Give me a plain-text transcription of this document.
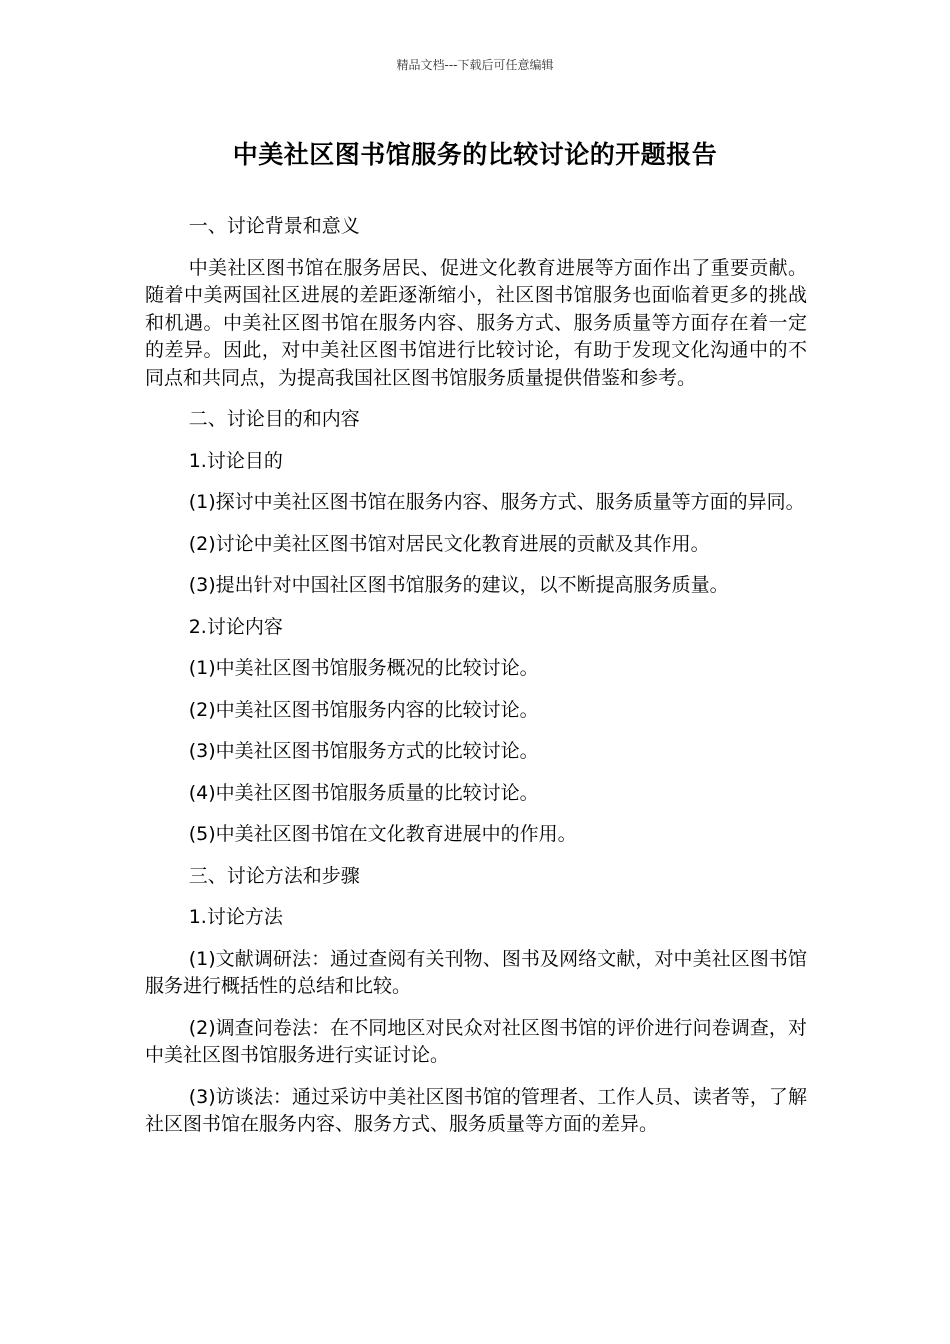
精品文档---下载后可任意编辑
中美社区图书馆服务的比较讨论的开题报告

一、讨论背景和意义

中美社区图书馆在服务居民、促进文化教育进展等方面作出了重要贡献。随着中美两国社区进展的差距逐渐缩小，社区图书馆服务也面临着更多的挑战和机遇。中美社区图书馆在服务内容、服务方式、服务质量等方面存在着一定的差异。因此，对中美社区图书馆进行比较讨论，有助于发现文化沟通中的不同点和共同点，为提高我国社区图书馆服务质量提供借鉴和参考。

二、讨论目的和内容

1.讨论目的

(1)探讨中美社区图书馆在服务内容、服务方式、服务质量等方面的异同。

(2)讨论中美社区图书馆对居民文化教育进展的贡献及其作用。

(3)提出针对中国社区图书馆服务的建议，以不断提高服务质量。

2.讨论内容

(1)中美社区图书馆服务概况的比较讨论。

(2)中美社区图书馆服务内容的比较讨论。

(3)中美社区图书馆服务方式的比较讨论。

(4)中美社区图书馆服务质量的比较讨论。

(5)中美社区图书馆在文化教育进展中的作用。

三、讨论方法和步骤

1.讨论方法

(1)文献调研法：通过查阅有关刊物、图书及网络文献，对中美社区图书馆服务进行概括性的总结和比较。

(2)调查问卷法：在不同地区对民众对社区图书馆的评价进行问卷调查，对中美社区图书馆服务进行实证讨论。

(3)访谈法：通过采访中美社区图书馆的管理者、工作人员、读者等，了解社区图书馆在服务内容、服务方式、服务质量等方面的差异。
